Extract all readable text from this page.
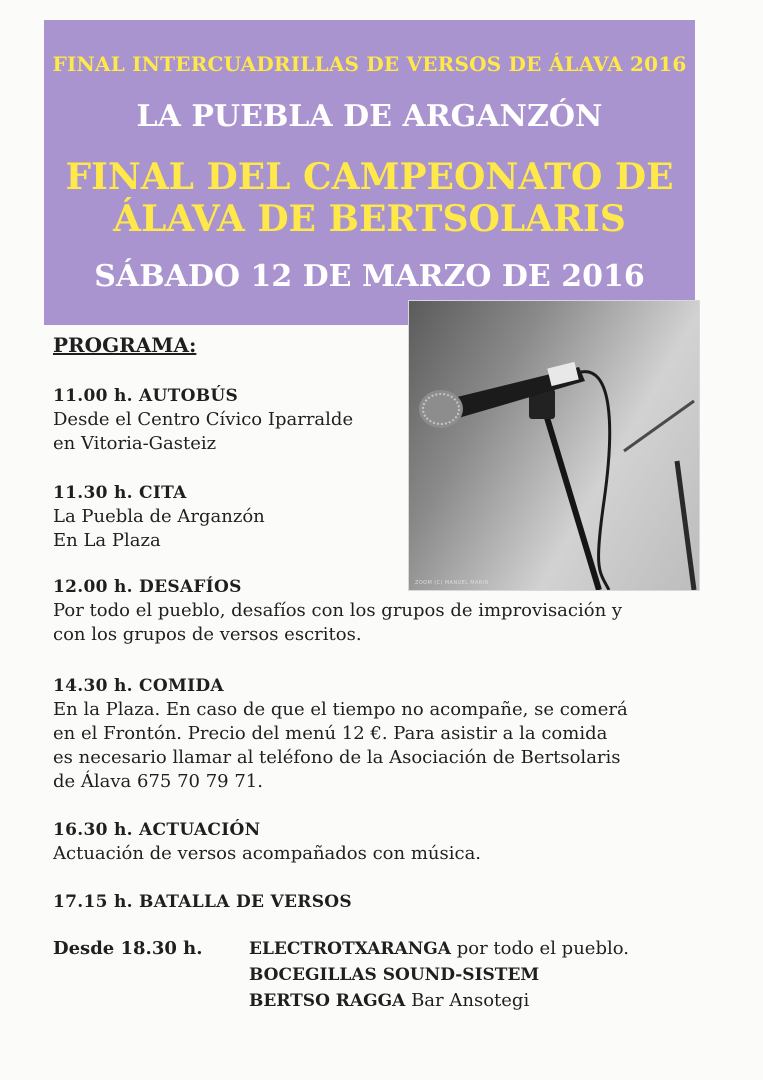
FINAL INTERCUADRILLAS DE VERSOS DE ÁLAVA 2016
LA PUEBLA DE ARGANZÓN
FINAL DEL CAMPEONATO DE
ÁLAVA DE BERTSOLARIS
SÁBADO 12 DE MARZO DE 2016
ZOOM (C) MANUEL MARIN
PROGRAMA:

11.00 h. AUTOBÚS

Desde el Centro Cívico Iparralde

en Vitoria-Gasteiz

11.30 h. CITA

La Puebla de Arganzón

En La Plaza

12.00 h. DESAFÍOS

Por todo el pueblo, desafíos con los grupos de improvisación y

con los grupos de versos escritos.

14.30 h. COMIDA

En la Plaza. En caso de que el tiempo no acompañe, se comerá

en el Frontón. Precio del menú 12 €. Para asistir a la comida

es necesario llamar al teléfono de la Asociación de Bertsolaris

de Álava 675 70 79 71.

16.30 h. ACTUACIÓN

Actuación de versos acompañados con música.

17.15 h. BATALLA DE VERSOS

Desde 18.30 h.	ELECTROTXARANGA por todo el pueblo.
BOCEGILLAS SOUND-SISTEM
BERTSO RAGGA Bar Ansotegi
